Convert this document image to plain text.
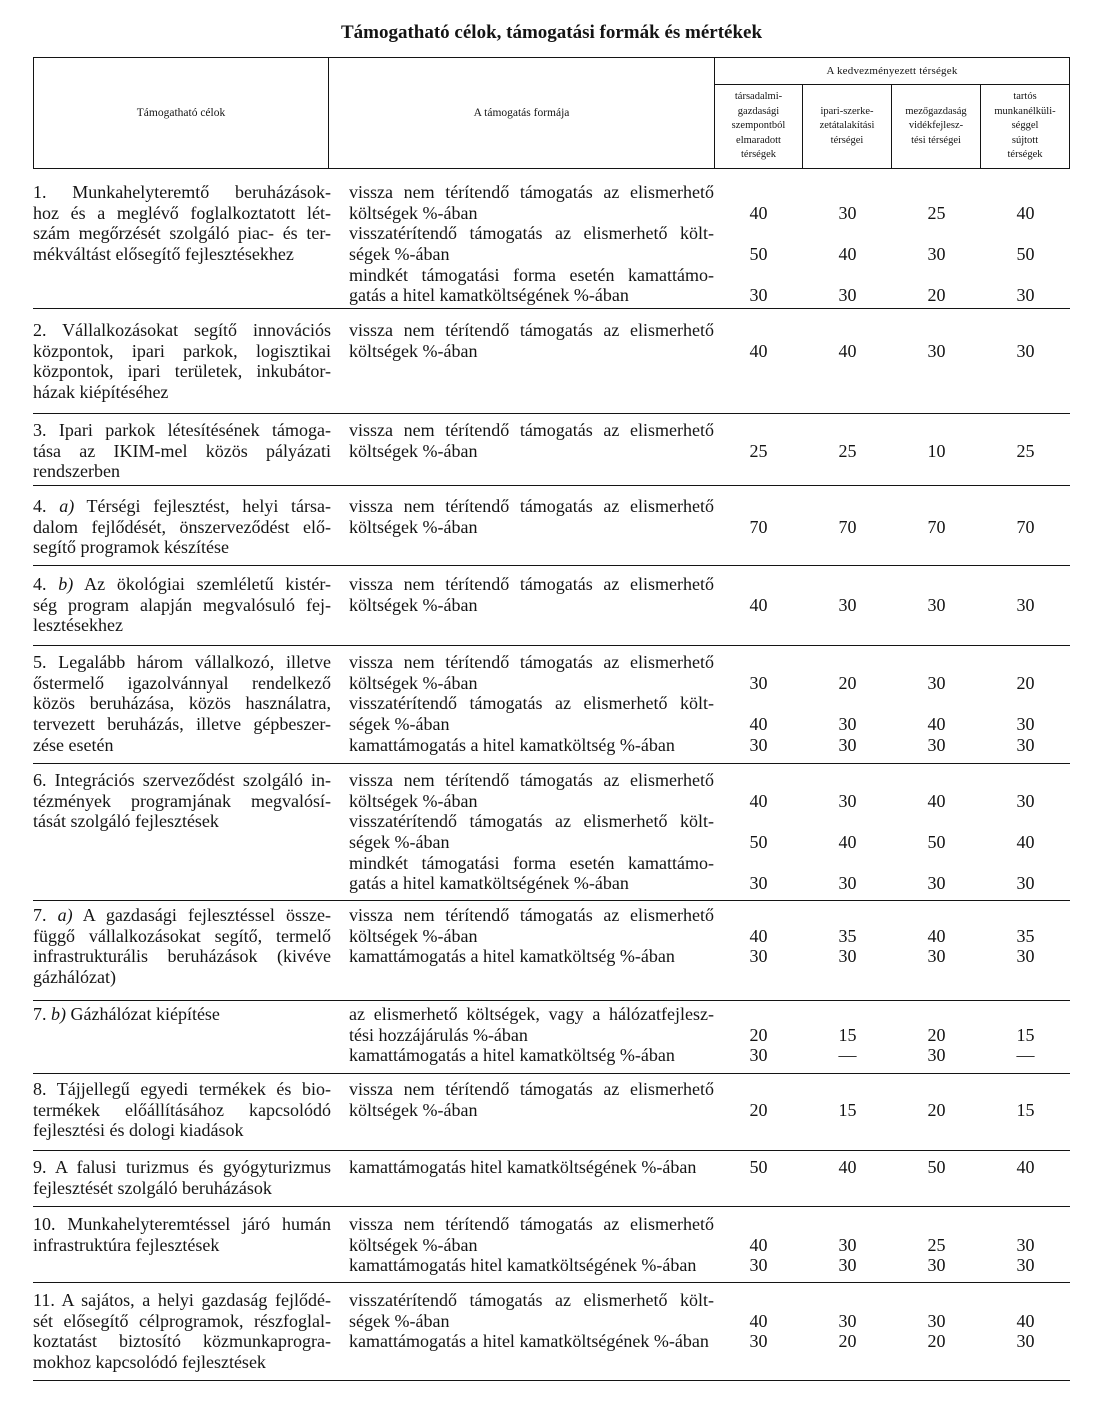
Támogatható célok, támogatási formák és mértékek
Támogatható célok	A támogatás formája
A kedvezményezett térségek
társadalmi-
gazdasági
szempontból
elmaradott
térségek
ipari-szerke-
zetátalakítási
térségei
mezőgazdaság
vidékfejlesz-
tési térségei
tartós
munkanélküli-
séggel
sújtott
térségek
1. Munkahelyteremtő beruházások-
hoz és a meglévő foglalkoztatott lét-
szám megőrzését szolgáló piac- és ter-
mékváltást elősegítő fejlesztésekhez
vissza nem térítendő támogatás az elismerhető
költségek %-ában	40	30	25	40
visszatérítendő támogatás az elismerhető költ-
ségek %-ában	50	40	30	50
mindkét támogatási forma esetén kamattámo-
gatás a hitel kamatköltségének %-ában	30	30	20	30
2. Vállalkozásokat segítő innovációs
központok, ipari parkok, logisztikai
központok, ipari területek, inkubátor-
házak kiépítéséhez
vissza nem térítendő támogatás az elismerhető
költségek %-ában	40	40	30	30
3. Ipari parkok létesítésének támoga-
tása az IKIM-mel közös pályázati
rendszerben
vissza nem térítendő támogatás az elismerhető
költségek %-ában	25	25	10	25
4. a) Térségi fejlesztést, helyi társa-
dalom fejlődését, önszerveződést elő-
segítő programok készítése
vissza nem térítendő támogatás az elismerhető
költségek %-ában	70	70	70	70
4. b) Az ökológiai szemléletű kistér-
ség program alapján megvalósuló fej-
lesztésekhez
vissza nem térítendő támogatás az elismerhető
költségek %-ában	40	30	30	30
5. Legalább három vállalkozó, illetve
őstermelő igazolvánnyal rendelkező
közös beruházása, közös használatra,
tervezett beruházás, illetve gépbeszer-
zése esetén
vissza nem térítendő támogatás az elismerhető
költségek %-ában	30	20	30	20
visszatérítendő támogatás az elismerhető költ-
ségek %-ában	40	30	40	30
kamattámogatás a hitel kamatköltség %-ában	30	30	30	30
6. Integrációs szerveződést szolgáló in-
tézmények programjának megvalósí-
tását szolgáló fejlesztések
vissza nem térítendő támogatás az elismerhető
költségek %-ában	40	30	40	30
visszatérítendő támogatás az elismerhető költ-
ségek %-ában	50	40	50	40
mindkét támogatási forma esetén kamattámo-
gatás a hitel kamatköltségének %-ában	30	30	30	30
7. a) A gazdasági fejlesztéssel össze-
függő vállalkozásokat segítő, termelő
infrastrukturális beruházások (kivéve
gázhálózat)
vissza nem térítendő támogatás az elismerhető
költségek %-ában	40	35	40	35
kamattámogatás a hitel kamatköltség %-ában	30	30	30	30
7. b) Gázhálózat kiépítése	az elismerhető költségek, vagy a hálózatfejlesz-
tési hozzájárulás %-ában	20	15	20	15
kamattámogatás a hitel kamatköltség %-ában	30	—	30	—
8. Tájjellegű egyedi termékek és bio-
termékek előállításához kapcsolódó
fejlesztési és dologi kiadások
vissza nem térítendő támogatás az elismerhető
költségek %-ában	20	15	20	15
9. A falusi turizmus és gyógyturizmus
fejlesztését szolgáló beruházások
kamattámogatás hitel kamatköltségének %-ában	50	40	50	40
10. Munkahelyteremtéssel járó humán
infrastruktúra fejlesztések
vissza nem térítendő támogatás az elismerhető
költségek %-ában	40	30	25	30
kamattámogatás hitel kamatköltségének %-ában	30	30	30	30
11. A sajátos, a helyi gazdaság fejlődé-
sét elősegítő célprogramok, részfoglal-
koztatást biztosító közmunkaprogra-
mokhoz kapcsolódó fejlesztések
visszatérítendő támogatás az elismerhető költ-
ségek %-ában	40	30	30	40
kamattámogatás a hitel kamatköltségének %-ában	30	20	20	30
